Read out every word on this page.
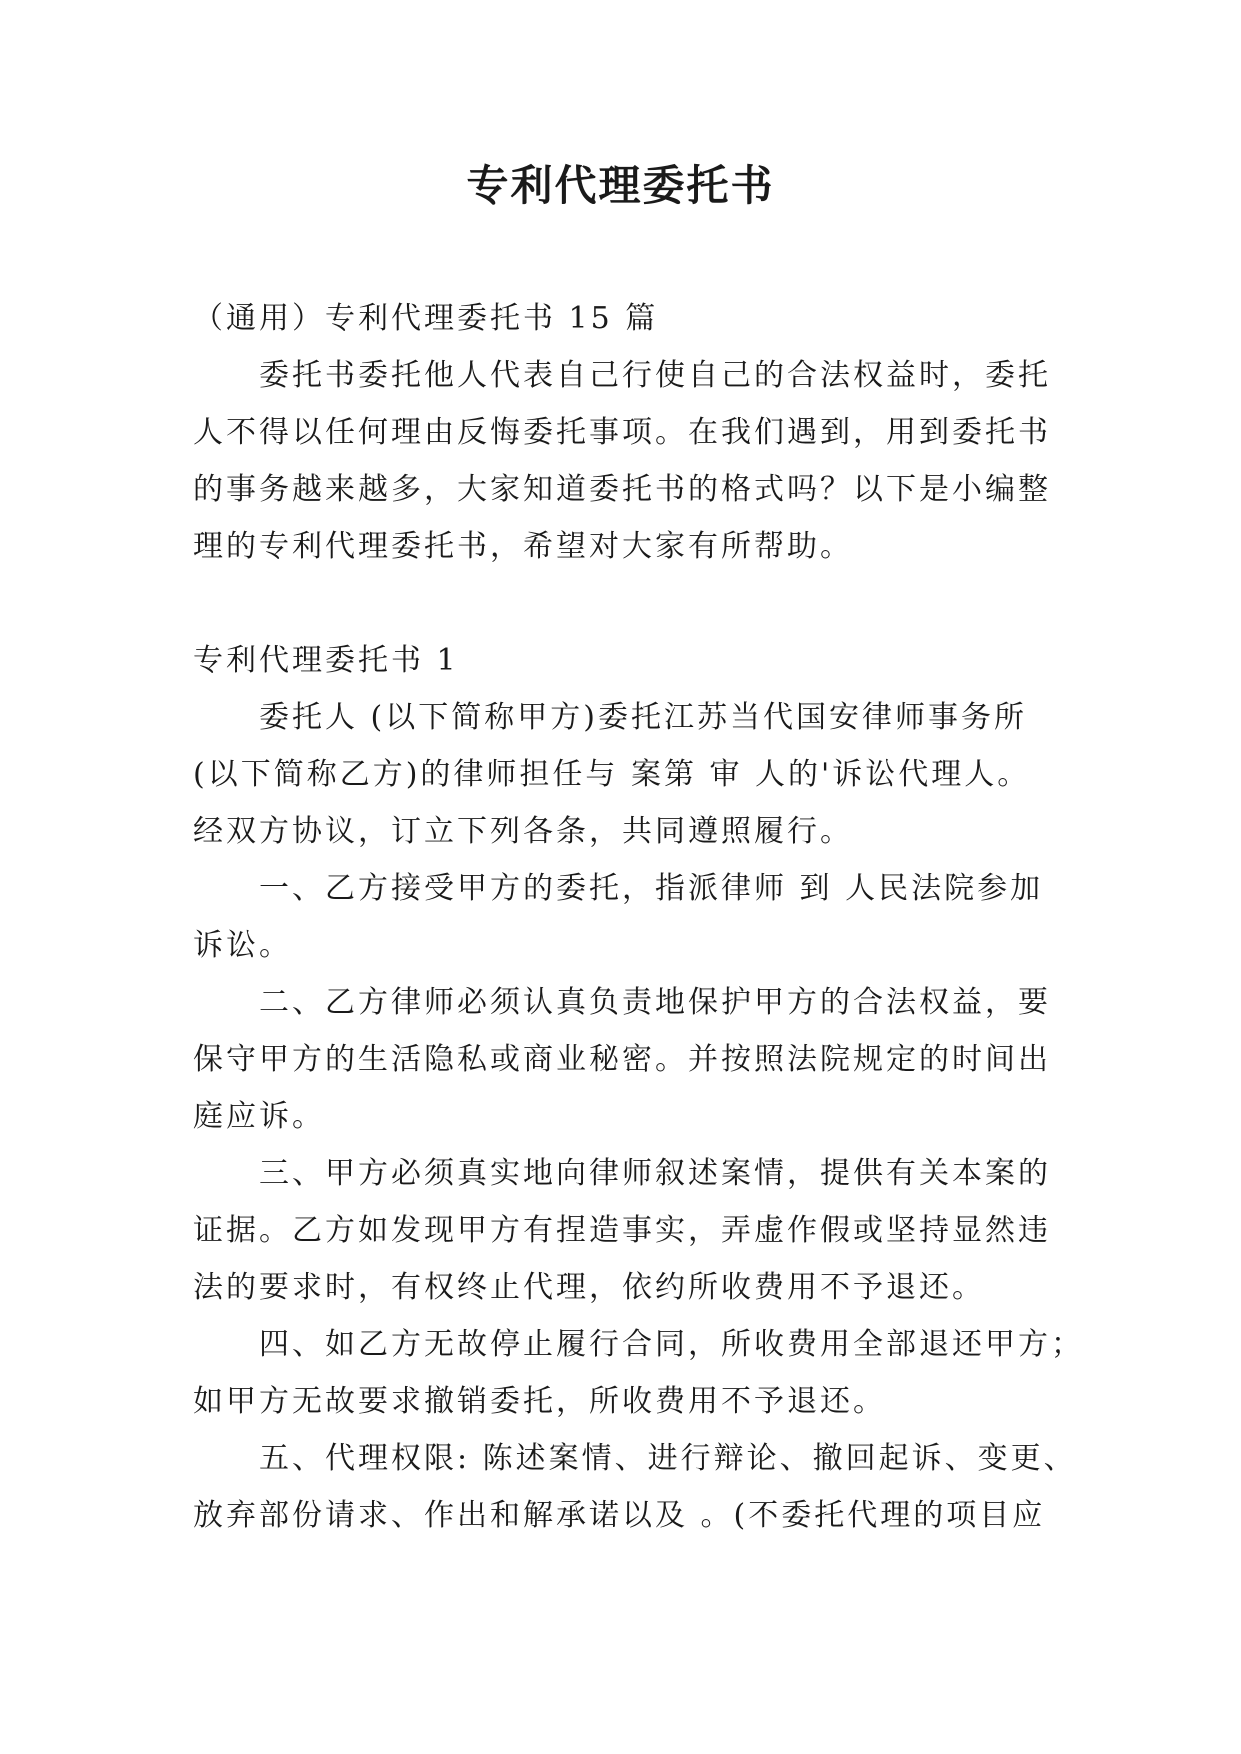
专利代理委托书

（通用）专利代理委托书 15 篇

委托书委托他人代表自己行使自己的合法权益时，委托

人不得以任何理由反悔委托事项。在我们遇到，用到委托书

的事务越来越多，大家知道委托书的格式吗？以下是小编整

理的专利代理委托书，希望对大家有所帮助。

专利代理委托书 1

委托人 (以下简称甲方)委托江苏当代国安律师事务所

(以下简称乙方)的律师担任与 案第 审 人的'诉讼代理人。

经双方协议，订立下列各条，共同遵照履行。

一、乙方接受甲方的委托，指派律师 到 人民法院参加

诉讼。

二、乙方律师必须认真负责地保护甲方的合法权益，要

保守甲方的生活隐私或商业秘密。并按照法院规定的时间出

庭应诉。

三、甲方必须真实地向律师叙述案情，提供有关本案的

证据。乙方如发现甲方有捏造事实，弄虚作假或坚持显然违

法的要求时，有权终止代理，依约所收费用不予退还。

四、如乙方无故停止履行合同，所收费用全部退还甲方；

如甲方无故要求撤销委托，所收费用不予退还。

五、代理权限: 陈述案情、进行辩论、撤回起诉、变更、

放弃部份请求、作出和解承诺以及 。(不委托代理的项目应
